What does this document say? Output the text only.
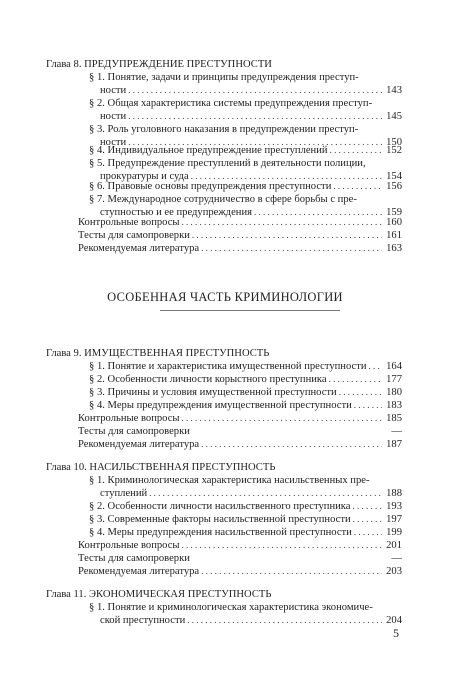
Глава 8. ПРЕДУПРЕЖДЕНИЕ ПРЕСТУПНОСТИ
§ 1. Понятие, задачи и принципы предупреждения преступ-
ности . . .	143
§ 2. Общая характеристика системы предупреждения преступ-
ности . . .	145
§ 3. Роль уголовного наказания в предупреждении преступ-
ности . . .	150
§ 4. Индивидуальное предупреждение преступлений . . .	152
§ 5. Предупреждение преступлений в деятельности полиции,
прокуратуры и суда . . .	154
§ 6. Правовые основы предупреждения преступности . . .	156
§ 7. Международное сотрудничество в сфере борьбы с пре-
ступностью и ее предупреждения . . .	159
Контрольные вопросы . . .	160
Тесты для самопроверки . . .	161
Рекомендуемая литература . . .	163
ОСОБЕННАЯ ЧАСТЬ КРИМИНОЛОГИИ
Глава 9. ИМУЩЕСТВЕННАЯ ПРЕСТУПНОСТЬ
§ 1. Понятие и характеристика имущественной преступности . . . 164
§ 2. Особенности личности корыстного преступника . . .	177
§ 3. Причины и условия имущественной преступности . . .	180
§ 4. Меры предупреждения имущественной преступности . . .	183
Контрольные вопросы . . .	185
Тесты для самопроверки	—
Рекомендуемая литература . . .	187
Глава 10. НАСИЛЬСТВЕННАЯ ПРЕСТУПНОСТЬ
§ 1. Криминологическая характеристика насильственных пре-
ступлений . . .	188
§ 2. Особенности личности насильственного преступника . . .	193
§ 3. Современные факторы насильственной преступности . . .	197
§ 4. Меры предупреждения насильственной преступности . . .	199
Контрольные вопросы . . .	201
Тесты для самопроверки	—
Рекомендуемая литература . . .	203
Глава 11. ЭКОНОМИЧЕСКАЯ ПРЕСТУПНОСТЬ
§ 1. Понятие и криминологическая характеристика экономиче-
ской преступности . . .	204
5
